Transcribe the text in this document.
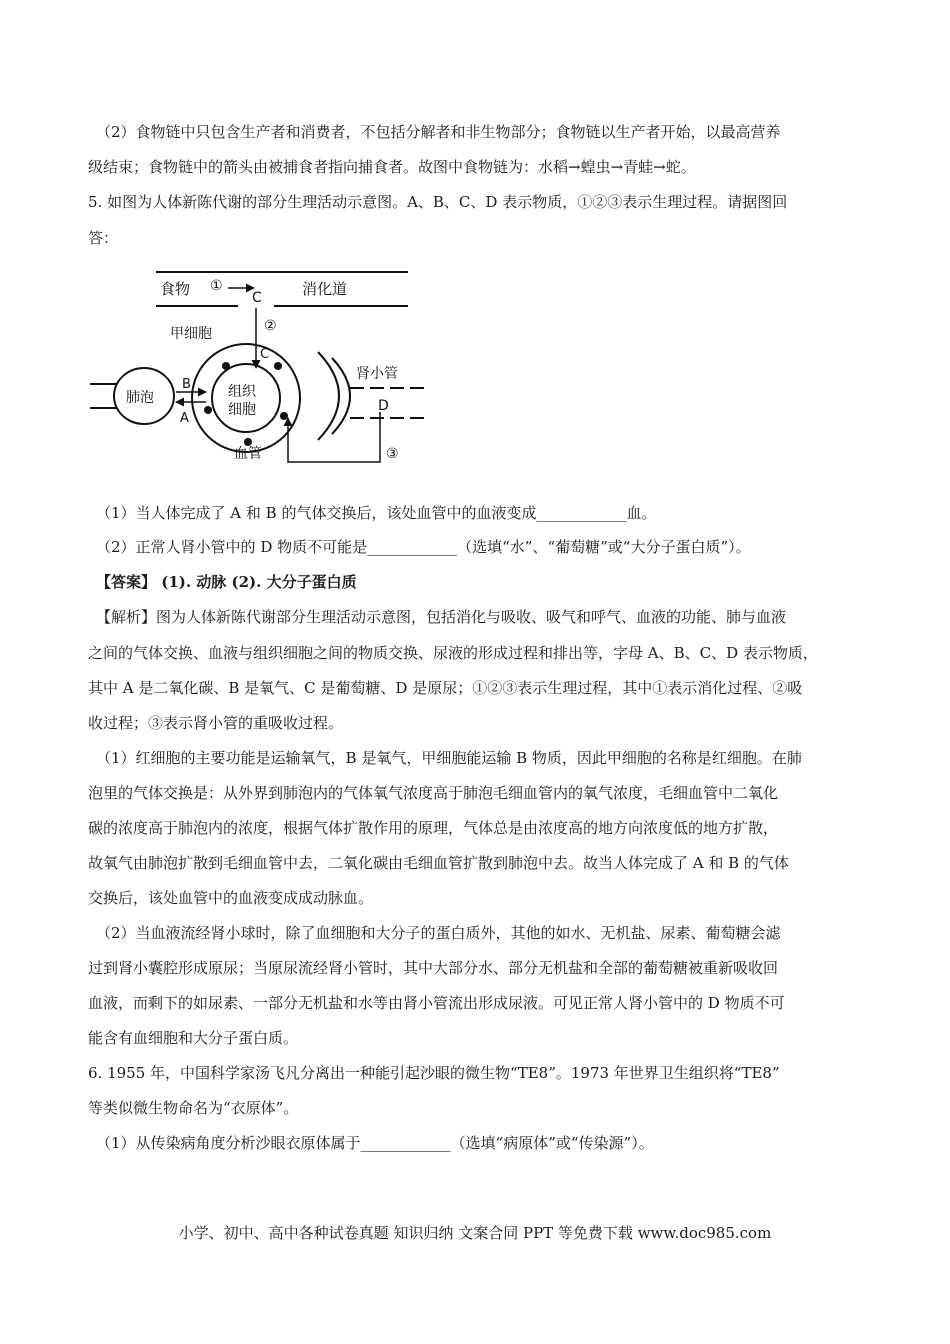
（2）食物链中只包含生产者和消费者，不包括分解者和非生物部分；食物链以生产者开始，以最高营养
级结束；食物链中的箭头由被捕食者指向捕食者。故图中食物链为：水稻→蝗虫→青蛙→蛇。
5. 如图为人体新陈代谢的部分生理活动示意图。A、B、C、D 表示物质，①②③表示生理过程。请据图回
答：
食物 ①
C	消化道
②
C
甲细胞
组织
细胞
血管
肺泡
B
A
肾小管
D
③
（1）当人体完成了 A 和 B 的气体交换后，该处血管中的血液变成____________血。
（2）正常人肾小管中的 D 物质不可能是____________（选填“水”、“葡萄糖”或“大分子蛋白质”）。
【答案】 (1). 动脉 (2). 大分子蛋白质
【解析】图为人体新陈代谢部分生理活动示意图，包括消化与吸收、吸气和呼气、血液的功能、肺与血液
之间的气体交换、血液与组织细胞之间的物质交换、尿液的形成过程和排出等，字母 A、B、C、D 表示物质，
其中 A 是二氧化碳、B 是氧气、C 是葡萄糖、D 是原尿；①②③表示生理过程，其中①表示消化过程、②吸
收过程；③表示肾小管的重吸收过程。
（1）红细胞的主要功能是运输氧气，B 是氧气，甲细胞能运输 B 物质，因此甲细胞的名称是红细胞。在肺
泡里的气体交换是：从外界到肺泡内的气体氧气浓度高于肺泡毛细血管内的氧气浓度，毛细血管中二氧化
碳的浓度高于肺泡内的浓度，根据气体扩散作用的原理，气体总是由浓度高的地方向浓度低的地方扩散，
故氧气由肺泡扩散到毛细血管中去，二氧化碳由毛细血管扩散到肺泡中去。故当人体完成了 A 和 B 的气体
交换后，该处血管中的血液变成成动脉血。
（2）当血液流经肾小球时，除了血细胞和大分子的蛋白质外，其他的如水、无机盐、尿素、葡萄糖会滤
过到肾小囊腔形成原尿；当原尿流经肾小管时，其中大部分水、部分无机盐和全部的葡萄糖被重新吸收回
血液，而剩下的如尿素、一部分无机盐和水等由肾小管流出形成尿液。可见正常人肾小管中的 D 物质不可
能含有血细胞和大分子蛋白质。
6. 1955 年，中国科学家汤飞凡分离出一种能引起沙眼的微生物“TE8”。1973 年世界卫生组织将“TE8”
等类似微生物命名为“衣原体”。
（1）从传染病角度分析沙眼衣原体属于____________（选填“病原体”或“传染源”）。
小学、初中、高中各种试卷真题 知识归纳 文案合同 PPT 等免费下载 www.doc985.com
